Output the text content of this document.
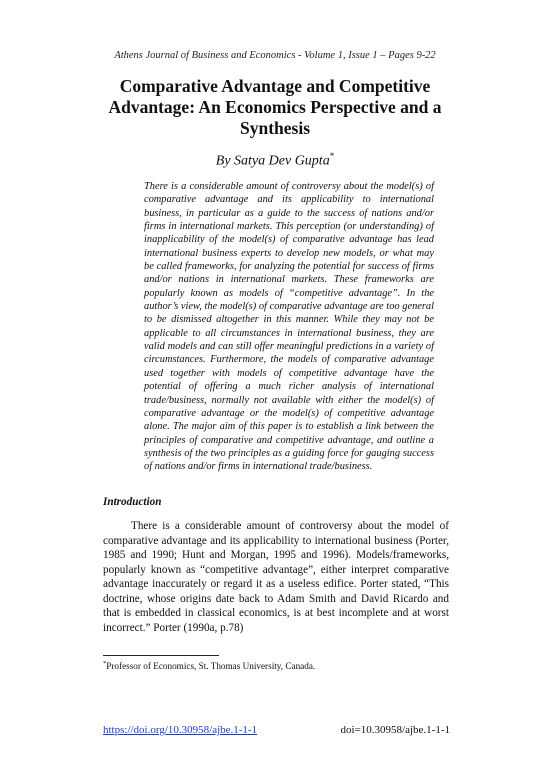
Athens Journal of Business and Economics - Volume 1, Issue 1 – Pages 9-22
Comparative Advantage and Competitive Advantage: An Economics Perspective and a Synthesis
By Satya Dev Gupta*

There is a considerable amount of controversy about the model(s) of comparative advantage and its applicability to international business, in particular as a guide to the success of nations and/or firms in international markets. This perception (or understanding) of inapplicability of the model(s) of comparative advantage has lead international business experts to develop new models, or what may be called frameworks, for analyzing the potential for success of firms and/or nations in international markets. These frameworks are popularly known as models of “competitive advantage”. In the author’s view, the model(s) of comparative advantage are too general to be dismissed altogether in this manner. While they may not be applicable to all circumstances in international business, they are valid models and can still offer meaningful predictions in a variety of circumstances. Furthermore, the models of comparative advantage used together with models of competitive advantage have the potential of offering a much richer analysis of international trade/business, normally not available with either the model(s) of comparative advantage or the model(s) of competitive advantage alone. The major aim of this paper is to establish a link between the principles of comparative and competitive advantage, and outline a synthesis of the two principles as a guiding force for gauging success of nations and/or firms in international trade/business.

Introduction

There is a considerable amount of controversy about the model of comparative advantage and its applicability to international business (Porter, 1985 and 1990; Hunt and Morgan, 1995 and 1996). Models/frameworks, popularly known as “competitive advantage”, either interpret comparative advantage inaccurately or regard it as a useless edifice. Porter stated, “This doctrine, whose origins date back to Adam Smith and David Ricardo and that is embedded in classical economics, is at best incomplete and at worst incorrect.” Porter (1990a, p.78)

*Professor of Economics, St. Thomas University, Canada.
https://doi.org/10.30958/ajbe.1-1-1	doi=10.30958/ajbe.1-1-1
